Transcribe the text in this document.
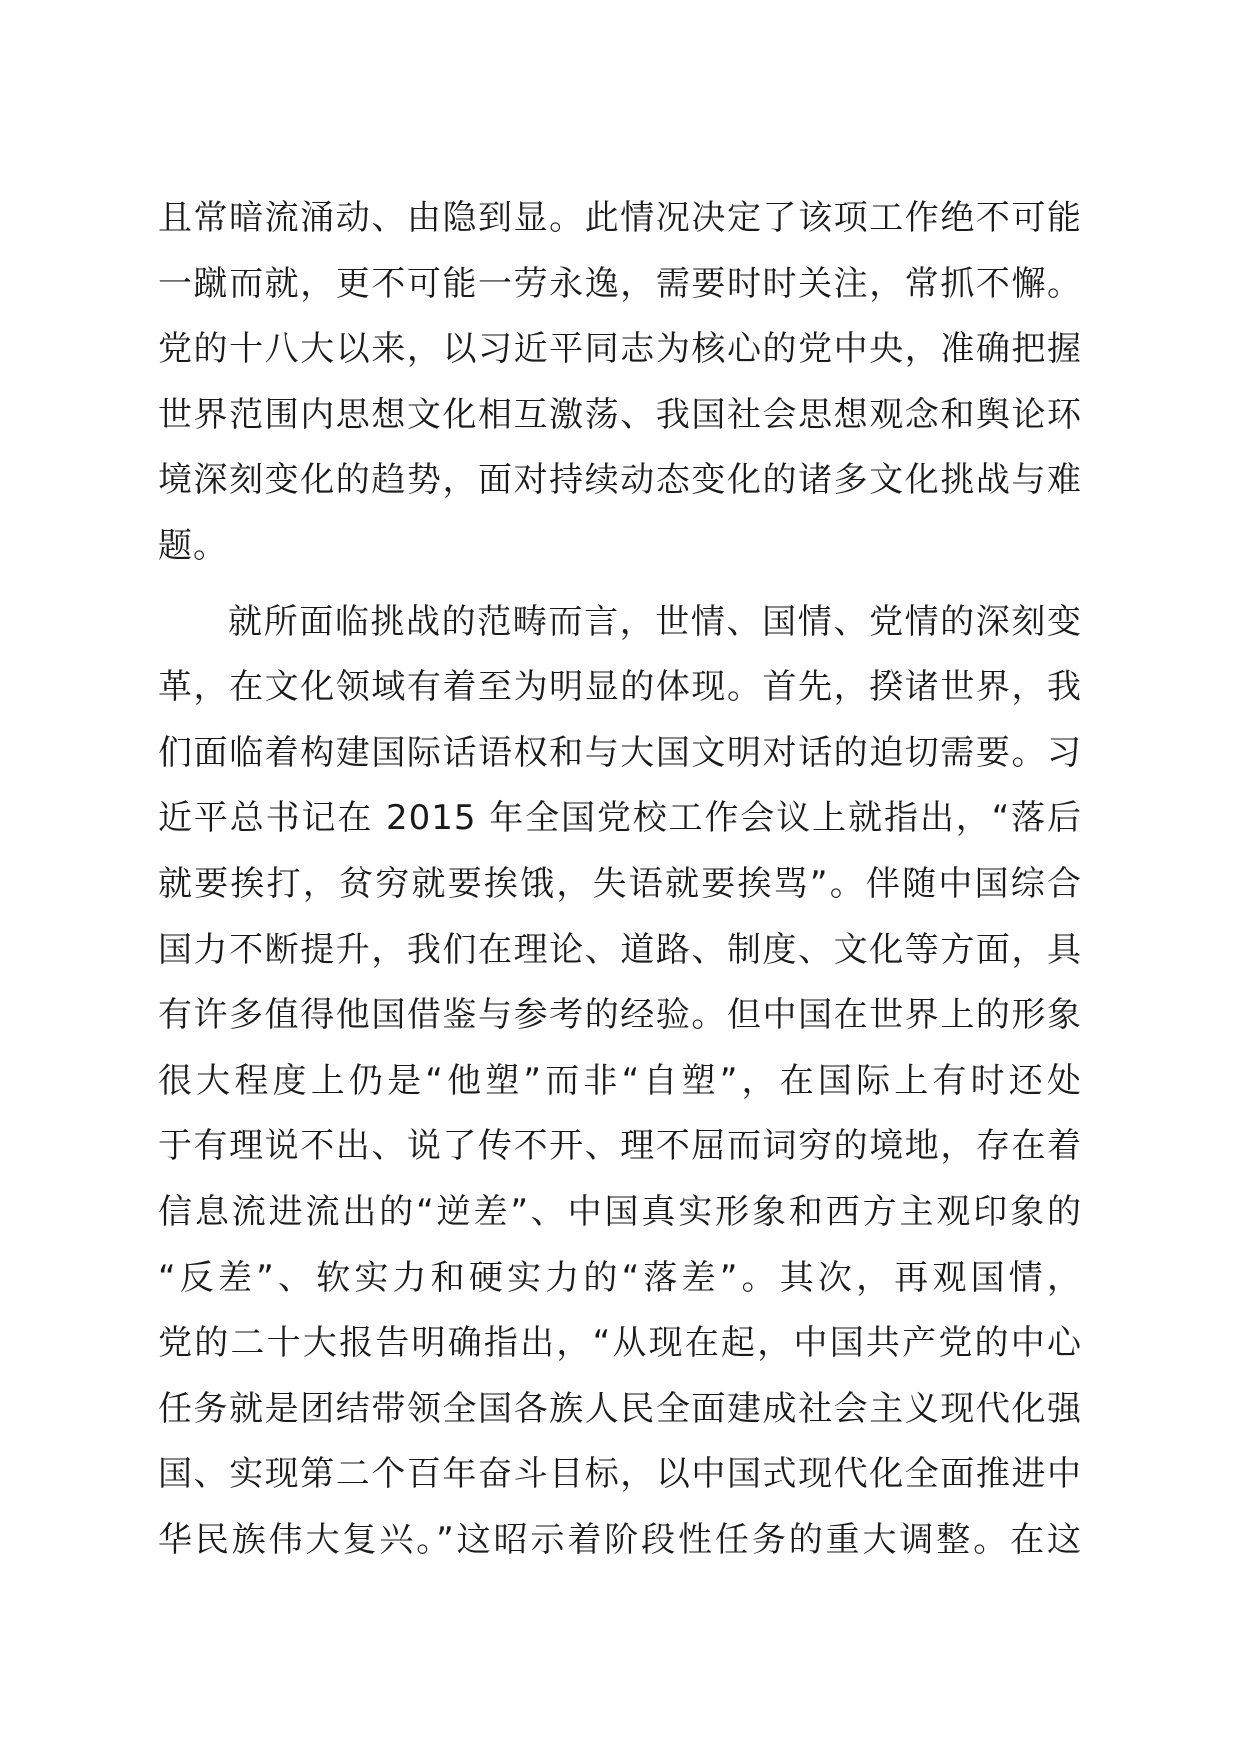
且常暗流涌动、由隐到显。此情况决定了该项工作绝不可能
一蹴而就，更不可能一劳永逸，需要时时关注，常抓不懈。
党的十八大以来，以习近平同志为核心的党中央，准确把握
世界范围内思想文化相互激荡、我国社会思想观念和舆论环
境深刻变化的趋势，面对持续动态变化的诸多文化挑战与难
题。
就所面临挑战的范畴而言，世情、国情、党情的深刻变
革，在文化领域有着至为明显的体现。首先，揆诸世界，我
们面临着构建国际话语权和与大国文明对话的迫切需要。习
近平总书记在 2015 年全国党校工作会议上就指出，“落后
就要挨打，贫穷就要挨饿，失语就要挨骂”。伴随中国综合
国力不断提升，我们在理论、道路、制度、文化等方面，具
有许多值得他国借鉴与参考的经验。但中国在世界上的形象
很大程度上仍是“他塑”而非“自塑”，在国际上有时还处
于有理说不出、说了传不开、理不屈而词穷的境地，存在着
信息流进流出的“逆差”、中国真实形象和西方主观印象的
“反差”、软实力和硬实力的“落差”。其次，再观国情，
党的二十大报告明确指出，“从现在起，中国共产党的中心
任务就是团结带领全国各族人民全面建成社会主义现代化强
国、实现第二个百年奋斗目标，以中国式现代化全面推进中
华民族伟大复兴。”这昭示着阶段性任务的重大调整。在这
